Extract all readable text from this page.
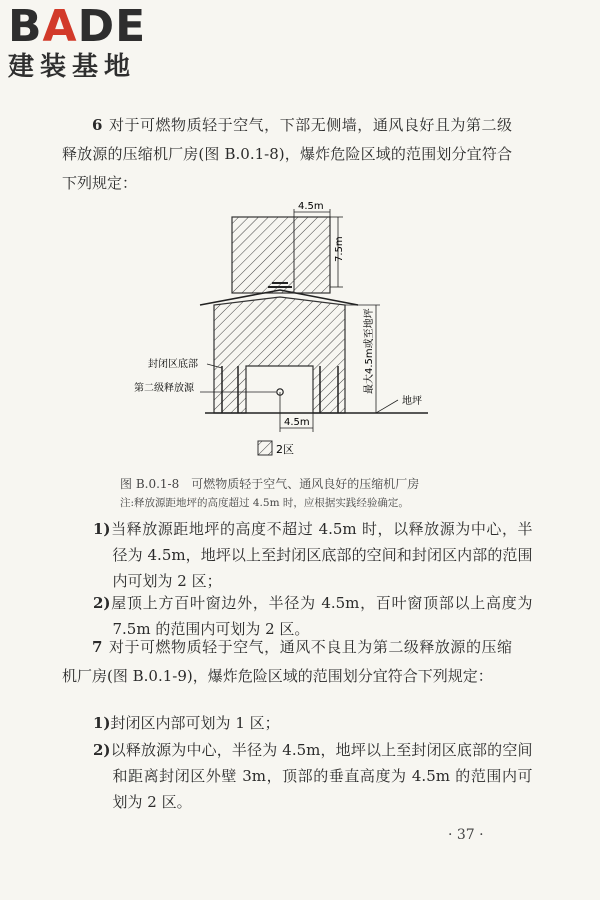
BADE
建装基地
6 对于可燃物质轻于空气，下部无侧墙，通风良好且为第二级释放源的压缩机厂房(图 B.0.1-8)，爆炸危险区域的范围划分宜符合下列规定：
4.5m
7.5m
最大4.5m或至地坪
地坪
封闭区底部
第二级释放源
4.5m
2区
图 B.0.1-8　可燃物质轻于空气、通风良好的压缩机厂房
注:释放源距地坪的高度超过 4.5m 时，应根据实践经验确定。
1)当释放源距地坪的高度不超过 4.5m 时，以释放源为中心，半径为 4.5m，地坪以上至封闭区底部的空间和封闭区内部的范围内可划为 2 区；
2)屋顶上方百叶窗边外，半径为 4.5m，百叶窗顶部以上高度为 7.5m 的范围内可划为 2 区。
7 对于可燃物质轻于空气，通风不良且为第二级释放源的压缩机厂房(图 B.0.1-9)，爆炸危险区域的范围划分宜符合下列规定：
1)封闭区内部可划为 1 区；
2)以释放源为中心，半径为 4.5m，地坪以上至封闭区底部的空间和距离封闭区外壁 3m，顶部的垂直高度为 4.5m 的范围内可划为 2 区。
· 37 ·
